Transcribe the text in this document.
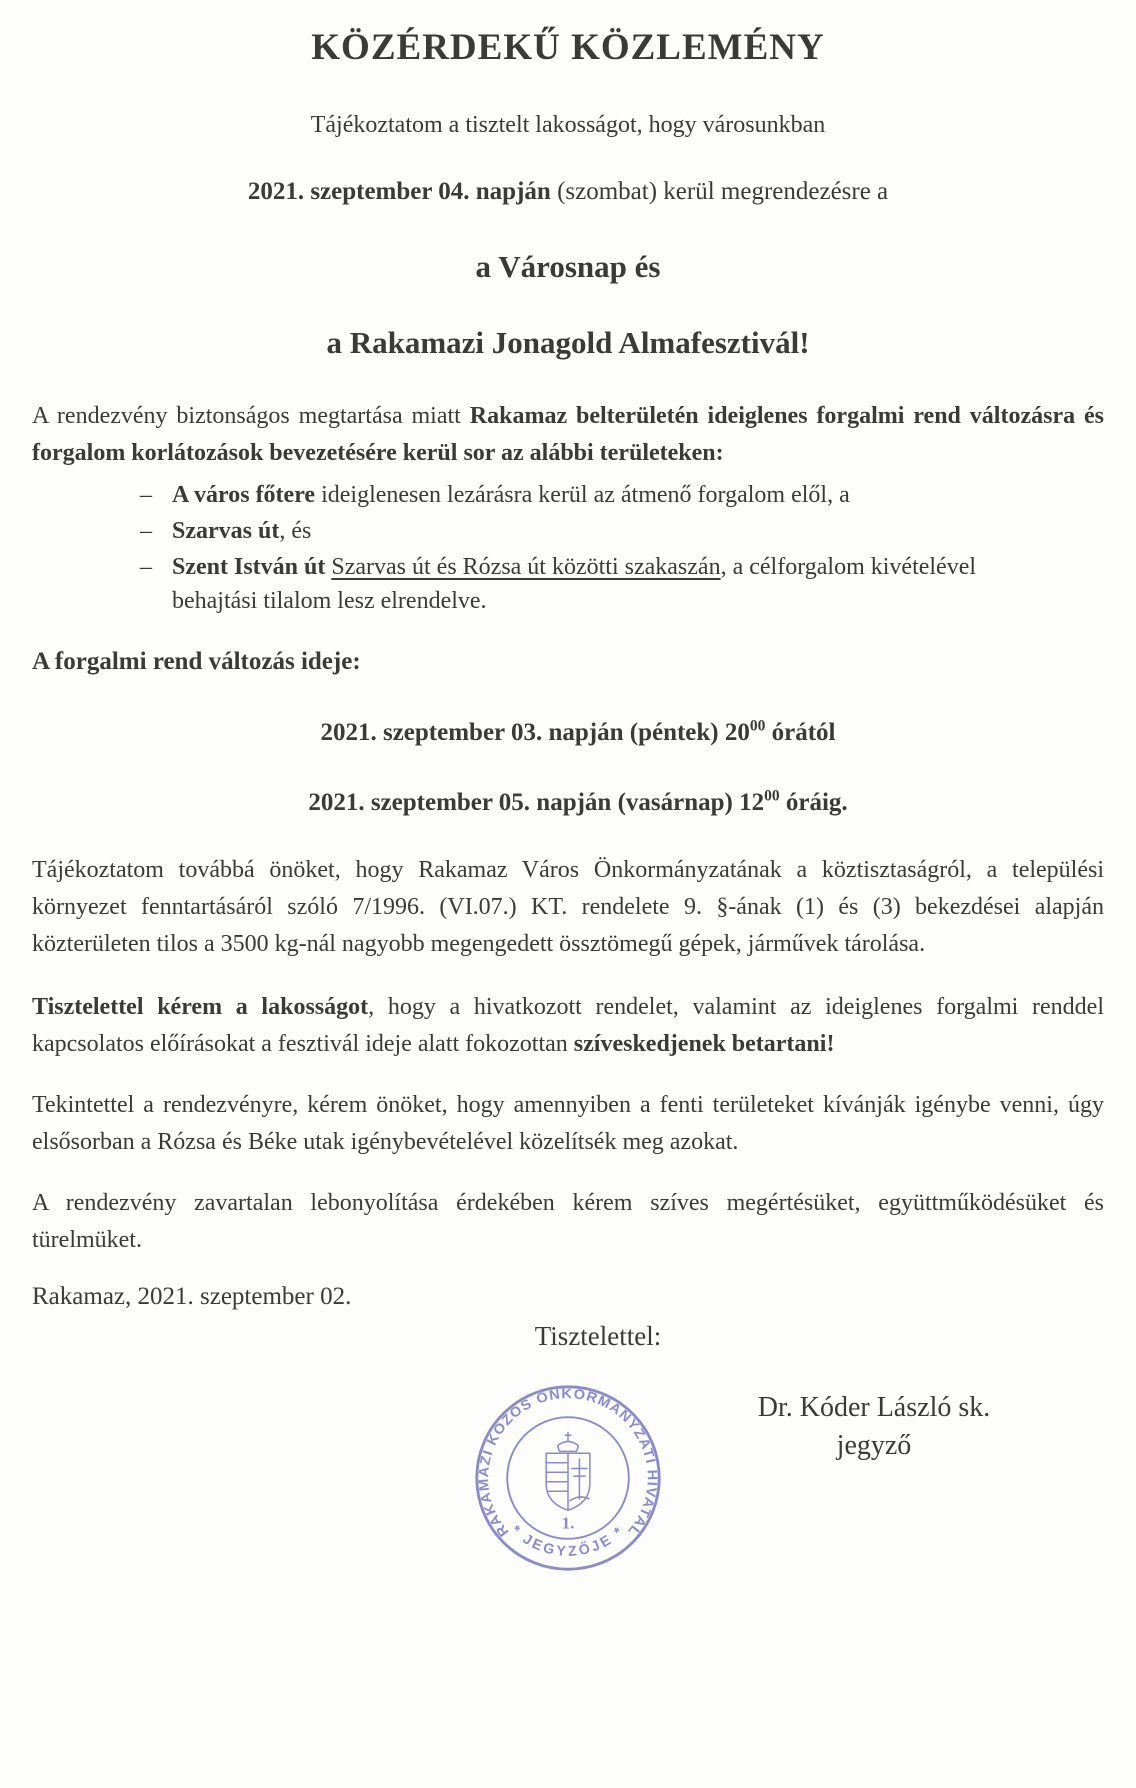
KÖZÉRDEKŰ KÖZLEMÉNY

Tájékoztatom a tisztelt lakosságot, hogy városunkban

2021. szeptember 04. napján (szombat) kerül megrendezésre a

a Városnap és

a Rakamazi Jonagold Almafesztivál!

A rendezvény biztonságos megtartása miatt Rakamaz belterületén ideiglenes forgalmi rend változásra és forgalom korlátozások bevezetésére kerül sor az alábbi területeken:

– A város főtere ideiglenesen lezárásra kerül az átmenő forgalom elől, a
– Szarvas út, és
– Szent István út Szarvas út és Rózsa út közötti szakaszán, a célforgalom kivételével behajtási tilalom lesz elrendelve.

A forgalmi rend változás ideje:

2021. szeptember 03. napján (péntek) $20^{00}$ órától

2021. szeptember 05. napján (vasárnap) $12^{00}$ óráig.

Tájékoztatom továbbá önöket, hogy Rakamaz Város Önkormányzatának a köztisztaságról, a települési környezet fenntartásáról szóló 7/1996. (VI.07.) KT. rendelete 9. §-ának (1) és (3) bekezdései alapján közterületen tilos a 3500 kg-nál nagyobb megengedett össztömegű gépek, járművek tárolása.

Tisztelettel kérem a lakosságot, hogy a hivatkozott rendelet, valamint az ideiglenes forgalmi renddel kapcsolatos előírásokat a fesztivál ideje alatt fokozottan szíveskedjenek betartani!

Tekintettel a rendezvényre, kérem önöket, hogy amennyiben a fenti területeket kívánják igénybe venni, úgy elsősorban a Rózsa és Béke utak igénybevételével közelítsék meg azokat.

A rendezvény zavartalan lebonyolítása érdekében kérem szíves megértésüket, együttműködésüket és türelmüket.

Rakamaz, 2021. szeptember 02.

Tisztelettel:

RAKAMAZI KÖZÖS ÖNKORMÁNYZATI HIVATAL
* JEGYZŐJE *
1.
Dr. Kóder László sk.
jegyző
